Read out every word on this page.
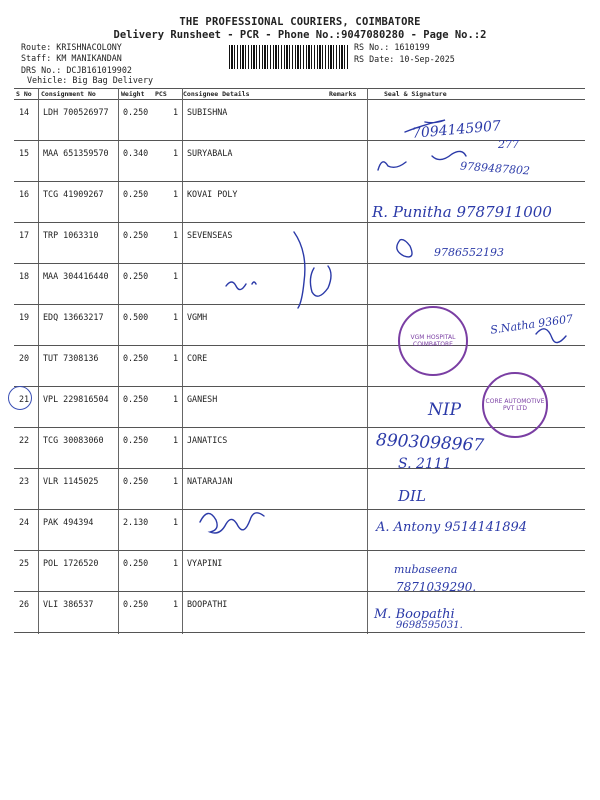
THE PROFESSIONAL COURIERS, COIMBATORE
Delivery Runsheet - PCR - Phone No.:9047080280 - Page No.:2
Route: KRISHNACOLONY
Staff: KM MANIKANDAN
DRS No.: DCJB161019902
Vehicle: Big Bag Delivery
RS No.: 1610199
RS Date: 10-Sep-2025
S No Consignment No	Weight PCS	Consignee Details	Remarks	Seal & Signature
14 LDH 700526977 0.250	1 SUBISHNA
15 MAA 651359570 0.340	1 SURYABALA
16 TCG 41909267 0.250	1 KOVAI POLY
17 TRP 1063310	0.250	1 SEVENSEAS
18 MAA 304416440 0.250	1
19 EDQ 13663217 0.500	1 VGMH
20 TUT 7308136	0.250	1 CORE
21 VPL 229816504 0.250	1 GANESH
22 TCG 30083060 0.250	1 JANATICS
23 VLR 1145025	0.250	1 NATARAJAN
24 PAK 494394	2.130	1
25 POL 1726520	0.250	1 VYAPINI
26 VLI 386537	0.250	1 BOOPATHI
7094145907
277
9789487802
R. Punitha 9787911000
9786552193
S.Natha 93607
NIP
8903098967
S. 2111
DIL
A. Antony 9514141894
mubaseena
7871039290.
M. Boopathi
9698595031.
VGM HOSPITAL COIMBATORE
CORE AUTOMOTIVE PVT LTD
